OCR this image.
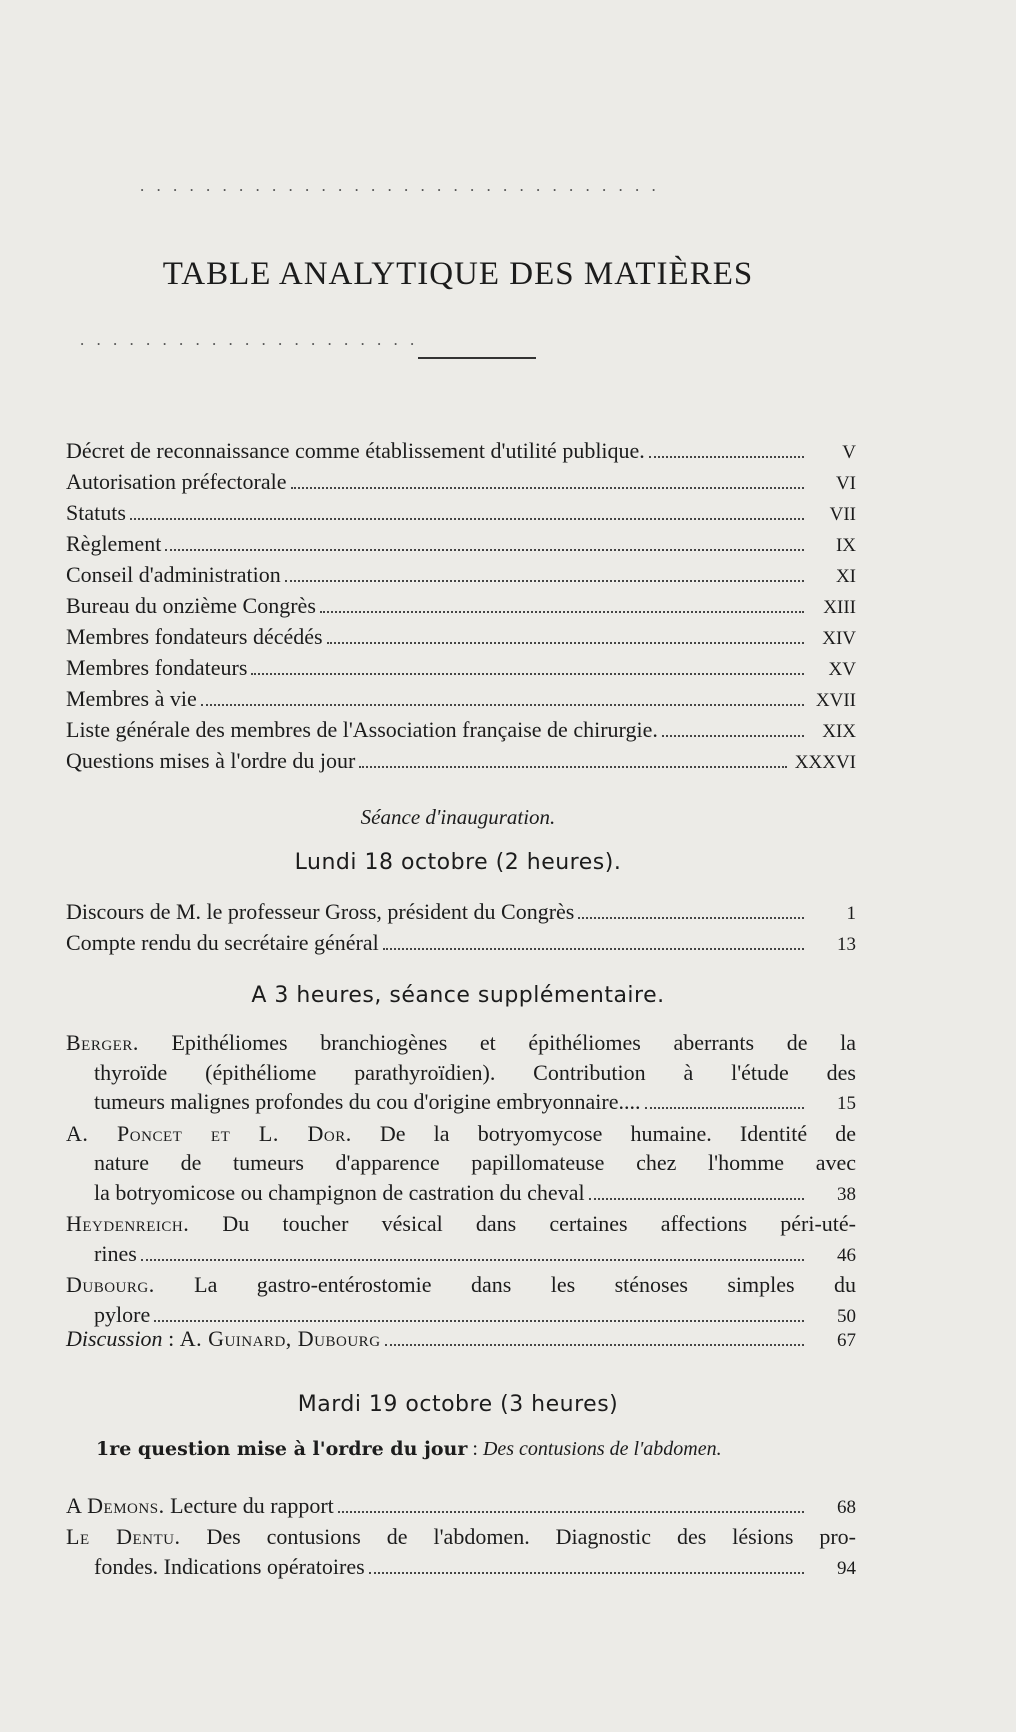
. . . . . . . . . . . . . . . . . . . . . . . . . . . . . . . .
TABLE ANALYTIQUE DES MATIÈRES
. . . . . . . . . . . . . . . . . . . . .
Décret de reconnaissance comme établissement d'utilité publique.	V
Autorisation préfectorale	VI
Statuts	VII
Règlement	IX
Conseil d'administration	XI
Bureau du onzième Congrès	XIII
Membres fondateurs décédés	XIV
Membres fondateurs	XV
Membres à vie	XVII
Liste générale des membres de l'Association française de chirurgie.	XIX
Questions mises à l'ordre du jour	XXXVI
Séance d'inauguration.
Lundi 18 octobre (2 heures).
Discours de M. le professeur Gross, président du Congrès	1
Compte rendu du secrétaire général	13
A 3 heures, séance supplémentaire.
Berger. Epithéliomes branchiogènes et épithéliomes aberrants de la
thyroïde (épithéliome parathyroïdien). Contribution à l'étude des
tumeurs malignes profondes du cou d'origine embryonnaire....	15
A. Poncet et L. Dor. De la botryomycose humaine. Identité de
nature de tumeurs d'apparence papillomateuse chez l'homme avec
la botryomicose ou champignon de castration du cheval	38
Heydenreich. Du toucher vésical dans certaines affections péri-uté-
rines	46
Dubourg. La gastro-entérostomie dans les sténoses simples du
pylore	50
Discussion : A. Guinard, Dubourg	67
Mardi 19 octobre (3 heures)
1re question mise à l'ordre du jour : Des contusions de l'abdomen.
A Demons. Lecture du rapport	68
Le Dentu. Des contusions de l'abdomen. Diagnostic des lésions pro-
fondes. Indications opératoires	94
